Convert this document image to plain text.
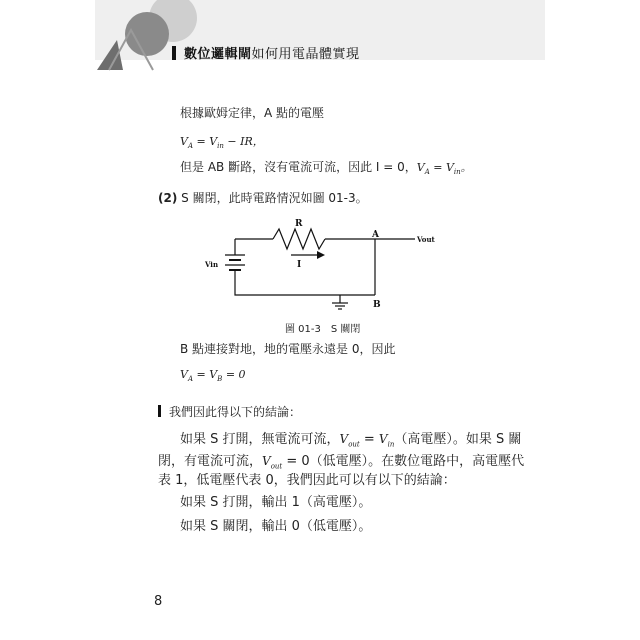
數位邏輯閘如何用電晶體實現
根據歐姆定律，A 點的電壓
$V_A = V_{in}$ − IR，
但是 AB 斷路，沒有電流可流，因此 I = 0，$V_A = V_{in}$。
(2) S 關閉，此時電路情況如圖 01-3。
R
I
A
B
Vout
Vin
圖 01-3　S 關閉
B 點連接對地，地的電壓永遠是 0，因此
$V_A = V_B = 0$
我們因此得以下的結論：
如果 S 打開，無電流可流，$V_{out} = V_{in}$（高電壓）。如果 S 關
閉，有電流可流，$V_{out} = 0$（低電壓）。在數位電路中，高電壓代
表 1，低電壓代表 0，我們因此可以有以下的結論：
如果 S 打開，輸出 1（高電壓）。
如果 S 關閉，輸出 0（低電壓）。
8
